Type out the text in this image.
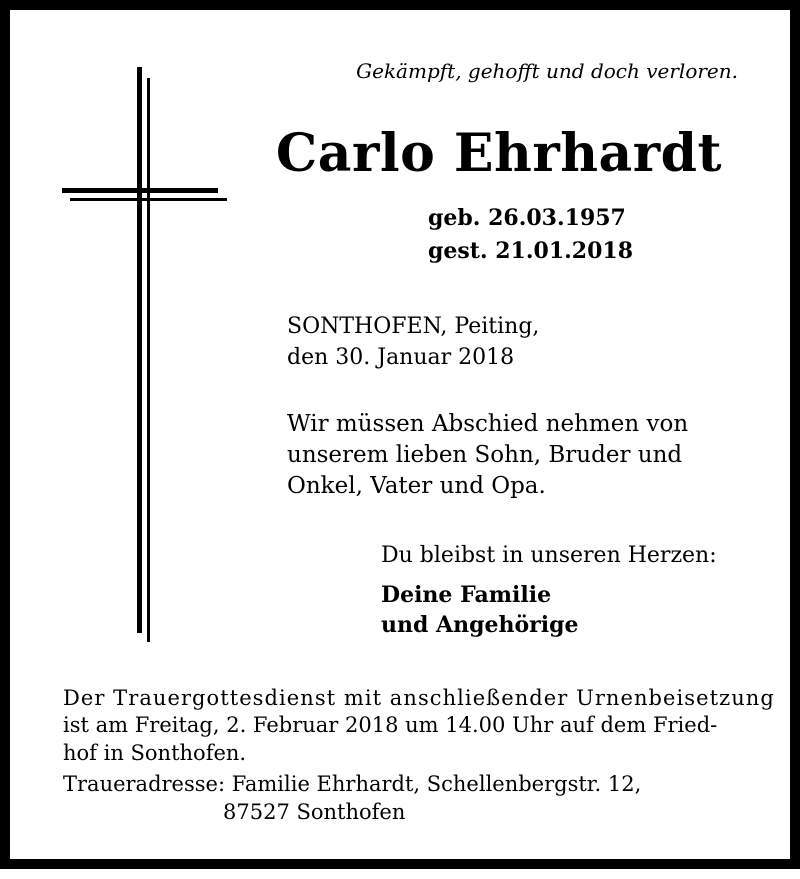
Gekämpft, gehofft und doch verloren.

Carlo Ehrhardt

geb. 26.03.1957

gest. 21.01.2018

SONTHOFEN, Peiting,

den 30. Januar 2018

Wir müssen Abschied nehmen von

unserem lieben Sohn, Bruder und

Onkel, Vater und Opa.

Du bleibst in unseren Herzen:

Deine Familie

und Angehörige

Der Trauergottesdienst mit anschließender Urnenbeisetzung

ist am Freitag, 2. Februar 2018 um 14.00 Uhr auf dem Fried-

hof in Sonthofen.

Traueradresse: Familie Ehrhardt, Schellenbergstr. 12,

87527 Sonthofen
